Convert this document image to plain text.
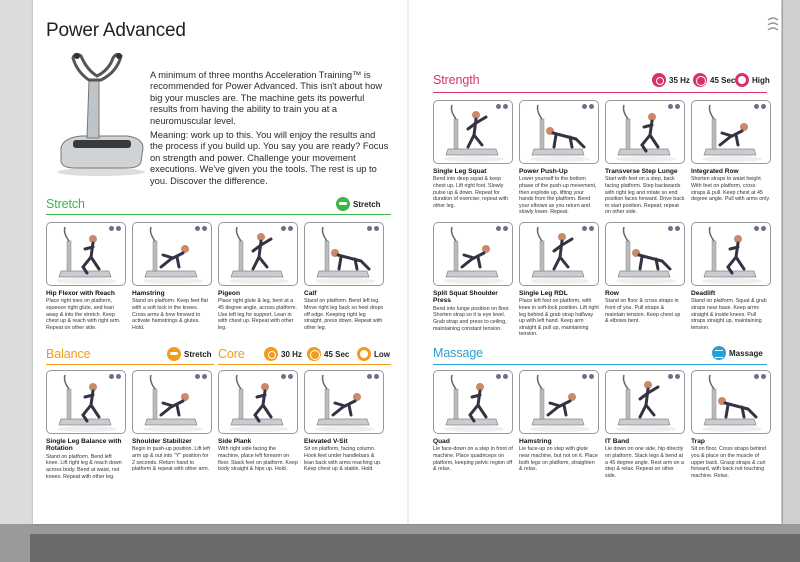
Power Advanced

A minimum of three months Acceleration Training™ is recommended for Power Advanced. This isn't about how big your muscles are. The machine gets its powerful results from having the ability to train you at a neuromuscular level.

Meaning: work up to this. You will enjoy the results and the process if you build up. You say you are ready? Focus on strength and power. Challenge your movement executions. We've given you the tools. The rest is up to you. Discover the difference.

Stretch	Stretch
Hip Flexor with Reach
Place right toes on platform, squeeze right glute, and lean away & into the stretch. Keep chest up & reach with right arm. Repeat on other side.
Hamstring
Stand on platform. Keep feet flat with a soft lock in the knees. Cross arms & bow forward to activate hamstrings & glutes. Hold.
Pigeon
Place right glute & leg, bent at a 45 degree angle, across platform. Use left leg for support. Lean in with chest up. Repeat with other leg.
Calf
Stand on platform. Bend left leg. Move right leg back so heel drops off edge. Keeping right leg straight, press down. Repeat with other leg.
Balance	Stretch Core	30 Hz	45 Sec	Low
Single Leg Balance with Rotation
Stand on platform. Bend left knee. Lift right leg & reach down across body. Bend at waist, not knees. Repeat with other leg.
Shoulder Stabilizer
Begin in push-up position. Lift left arm up & out into "Y" position for 2 seconds. Return hand to platform & repeat with other arm.
Side Plank
With right side facing the machine, place left forearm on floor. Stack feet on platform. Keep body straight & hips up. Hold.
Elevated V-Sit
Sit on platform, facing column. Hook feet under handlebars & lean back with arms reaching up. Keep chest up & stable. Hold.
Strength	35 Hz	45 Sec High
Single Leg Squat
Bend into deep squat & keep chest up. Lift right foot. Slowly pulse up & down. Repeat for duration of exercise; repeat with other leg.
Power Push-Up
Lower yourself to the bottom phase of the push-up movement, then explode up, lifting your hands from the platform. Bend your elbows as you return and slowly lower. Repeat.
Transverse Step Lunge
Start with feet on a step, back facing platform. Step backwards with right leg and rotate so end position faces forward. Drive back to start position. Repeat; repeat on other side.
Integrated Row
Shorten straps to waist height. With feet on platform, cross straps & pull. Keep chest at 45 degree angle. Pull with arms only.
Split Squat Shoulder Press
Bend into lunge position on floor. Shorten strap so it is eye level. Grab strap and press to ceiling, maintaining constant tension.
Single Leg RDL
Place left foot on platform, with knee in soft-lock position. Lift right leg behind & grab strap halfway up with left hand. Keep arm straight & pull up, maintaining tension.
Row
Stand on floor & cross straps in front of you. Pull straps & maintain tension. Keep chest up & elbows bent.
Deadlift
Stand on platform. Squat & grab straps near base. Keep arms straight & inside knees. Pull straps straight up, maintaining tension.
Massage	Massage
Quad
Lie face-down on a step in front of machine. Place quadriceps on platform, keeping pelvic region off & relax.
Hamstring
Lie face-up on step with glute near machine, but not on it. Place both legs on platform, straighten & relax.
IT Band
Lie down on one side, hip directly on platform. Stack legs & bend at a 45 degree angle. Rest arm on a step & relax. Repeat on other side.
Trap
Sit on floor. Cross straps behind you & place on the muscle of upper back. Grasp straps & curl forward, with back not touching machine. Relax.
